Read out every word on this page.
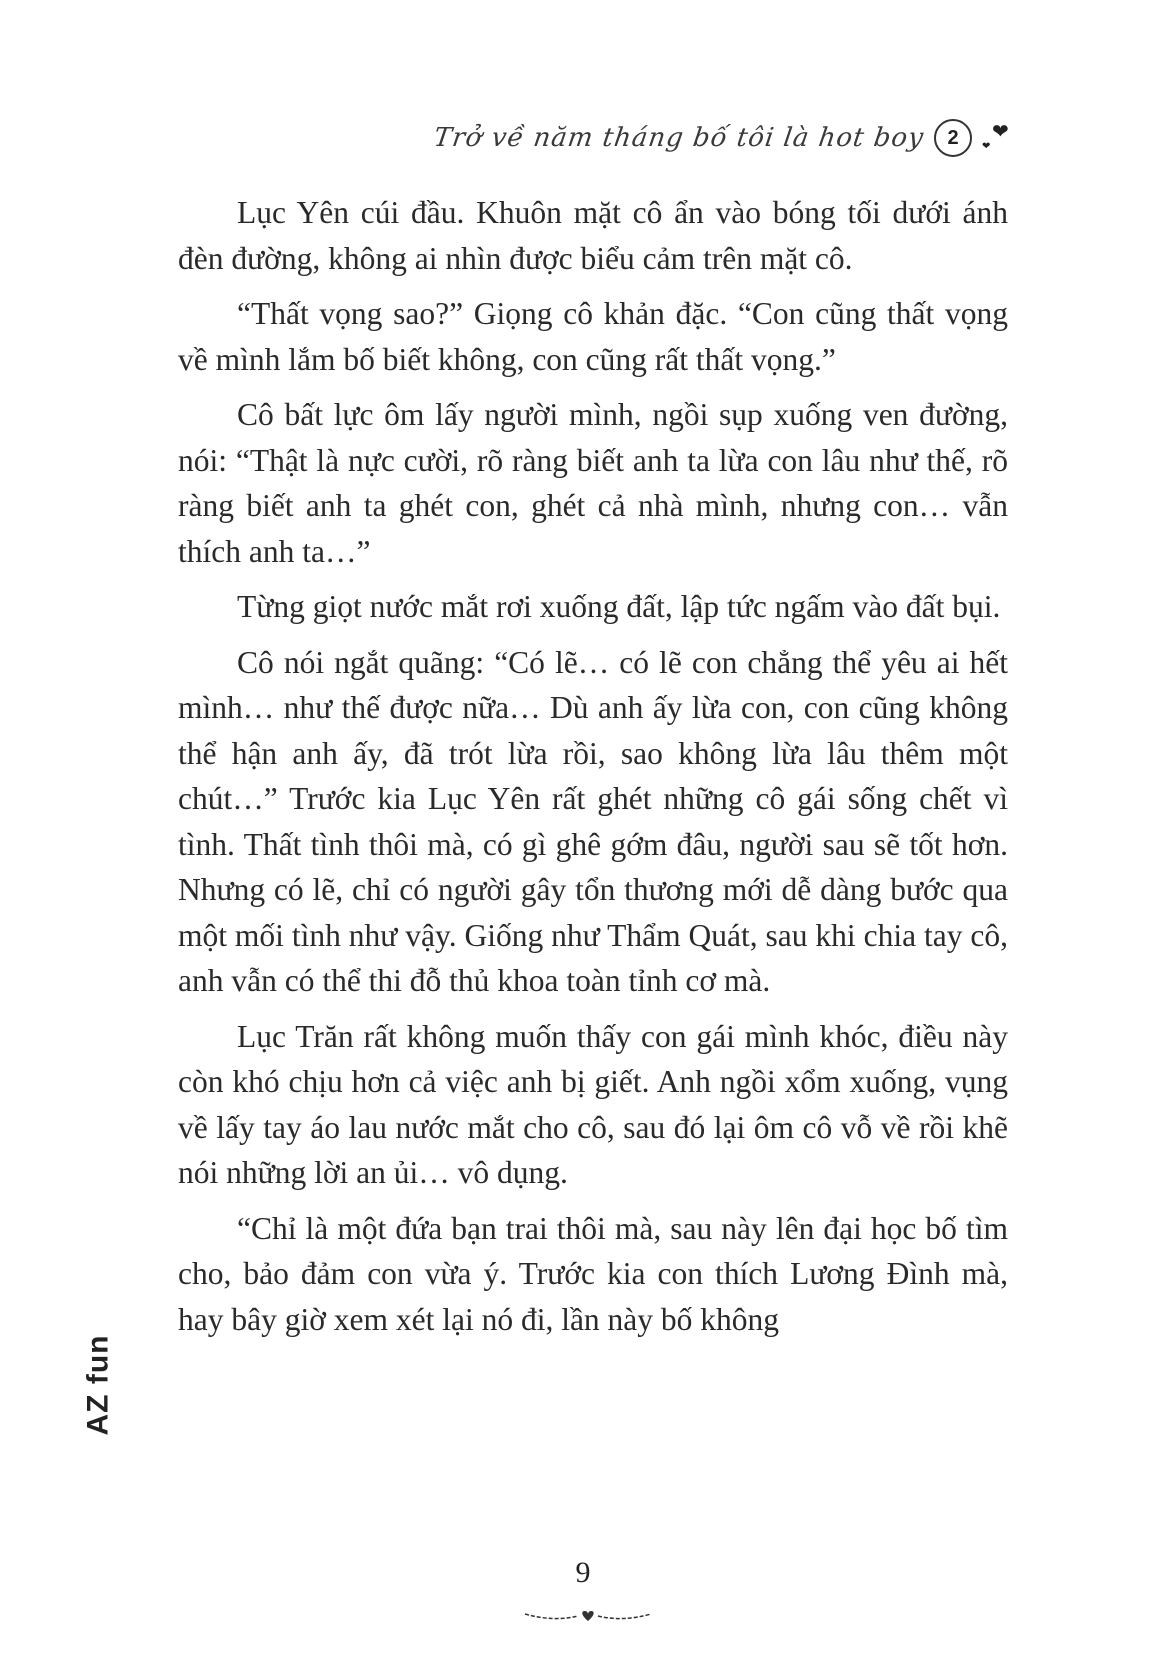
Trở về năm tháng bố tôi là hot boy	2	❤
❤

Lục Yên cúi đầu. Khuôn mặt cô ẩn vào bóng tối dưới ánh đèn đường, không ai nhìn được biểu cảm trên mặt cô.

“Thất vọng sao?” Giọng cô khản đặc. “Con cũng thất vọng về mình lắm bố biết không, con cũng rất thất vọng.”

Cô bất lực ôm lấy người mình, ngồi sụp xuống ven đường, nói: “Thật là nực cười, rõ ràng biết anh ta lừa con lâu như thế, rõ ràng biết anh ta ghét con, ghét cả nhà mình, nhưng con… vẫn thích anh ta…”

Từng giọt nước mắt rơi xuống đất, lập tức ngấm vào đất bụi.

Cô nói ngắt quãng: “Có lẽ… có lẽ con chẳng thể yêu ai hết mình… như thế được nữa… Dù anh ấy lừa con, con cũng không thể hận anh ấy, đã trót lừa rồi, sao không lừa lâu thêm một chút…” Trước kia Lục Yên rất ghét những cô gái sống chết vì tình. Thất tình thôi mà, có gì ghê gớm đâu, người sau sẽ tốt hơn. Nhưng có lẽ, chỉ có người gây tổn thương mới dễ dàng bước qua một mối tình như vậy. Giống như Thẩm Quát, sau khi chia tay cô, anh vẫn có thể thi đỗ thủ khoa toàn tỉnh cơ mà.

Lục Trăn rất không muốn thấy con gái mình khóc, điều này còn khó chịu hơn cả việc anh bị giết. Anh ngồi xổm xuống, vụng về lấy tay áo lau nước mắt cho cô, sau đó lại ôm cô vỗ về rồi khẽ nói những lời an ủi… vô dụng.

“Chỉ là một đứa bạn trai thôi mà, sau này lên đại học bố tìm cho, bảo đảm con vừa ý. Trước kia con thích Lương Đình mà, hay bây giờ xem xét lại nó đi, lần này bố không

AZ fun
9
